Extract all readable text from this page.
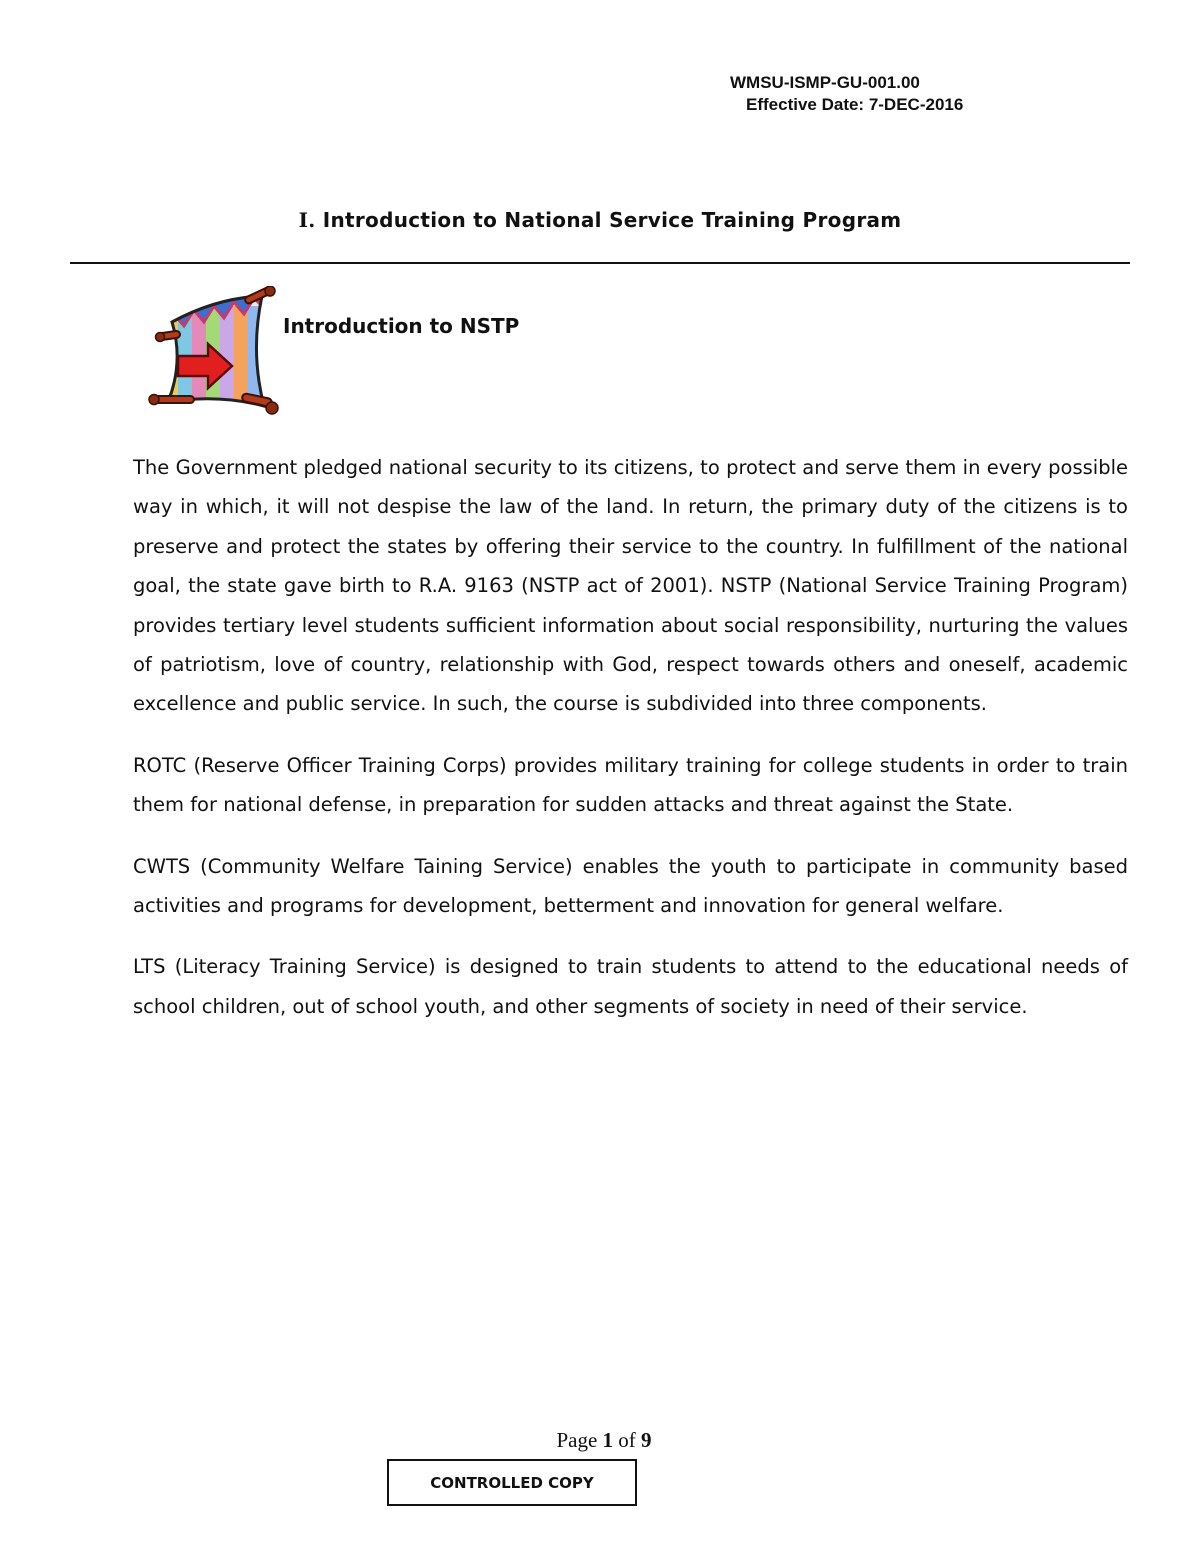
WMSU-ISMP-GU-001.00
Effective Date: 7-DEC-2016
I. Introduction to National Service Training Program
Introduction to NSTP

The Government pledged national security to its citizens, to protect and serve them in every possible way in which, it will not despise the law of the land. In return, the primary duty of the citizens is to preserve and protect the states by offering their service to the country. In fulfillment of the national goal, the state gave birth to R.A. 9163 (NSTP act of 2001). NSTP (National Service Training Program) provides tertiary level students sufficient information about social responsibility, nurturing the values of patriotism, love of country, relationship with God, respect towards others and oneself, academic excellence and public service. In such, the course is subdivided into three components.

ROTC (Reserve Officer Training Corps) provides military training for college students in order to train them for national defense, in preparation for sudden attacks and threat against the State.

CWTS (Community Welfare Taining Service) enables the youth to participate in community based activities and programs for development, betterment and innovation for general welfare.

LTS (Literacy Training Service) is designed to train students to attend to the educational needs of school children, out of school youth, and other segments of society in need of their service.

Page 1 of 9
CONTROLLED COPY
